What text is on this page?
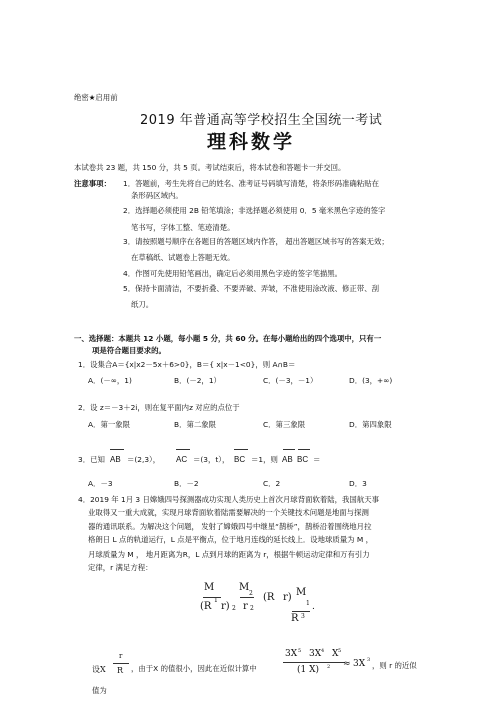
绝密★启用前
2019 年普通高等学校招生全国统一考试
理科数学
本试卷共 23 题，共 150 分，共 5 页。考试结束后，将本试卷和答题卡一并交回。
注意事项： 1．答题前，考生先将自己的姓名、准考证号码填写清楚，将条形码准确粘贴在
条形码区域内。
2．选择题必须使用 2B 铅笔填涂；非选择题必须使用 0．5 毫米黑色字迹的签字
笔书写，字体工整、笔迹清楚。
3．请按照题号顺序在各题目的答题区域内作答， 超出答题区域书写的答案无效；
在草稿纸、试题卷上答题无效。
4．作图可先使用铅笔画出，确定后必须用黑色字迹的签字笔描黑。
5．保持卡面清洁，不要折叠、不要弄破、弄皱，不准使用涂改液、修正带、刮
纸刀。
一、选择题：本题共 12 小题，每小题 5 分，共 60 分。在每小题给出的四个选项中，只有一
项是符合题目要求的。
1．设集合A＝{x|x2－5x＋6>0}，B＝{ x|x－1<0}，则 A∩B＝
A．(－∞，1)	B．(－2，1）	C．(－3，－1）	D．(3，+∞)
2．设 z＝－3＋2i，则在复平面内z 对应的点位于
A．第一象限	B．第二象限	C．第三象限	D．第四象限
3．已知 AB ＝(2,3）， AC ＝(3，t）， BC ＝1，则 AB BC ＝
A．－3	B．－2	C．2	D．3
4．2019 年 1月 3 日嫦娥四号探测器成功实现人类历史上首次月球背面软着陆，我国航天事
业取得又一重大成就，实现月球背面软着陆需要解决的一个关键技术问题是地面与探测
器的通讯联系。为解决这个问题， 发射了嫦娥四号中继星“鹊桥”，鹊桥沿着围绕地月拉
格朗日 L 点的轨道运行，L 点是平衡点，位于地月连线的延长线上．设地球质量为 M ，
月球质量为 M ， 地月距离为R，L 点到月球的距离为 r，根据牛顿运动定律和万有引力
定律，r 满足方程：
M
1
(R r) 2
M
2
r 2
(R r) M
1
R 3
.
设X
r
R ，由于X 的值很小，因此在近似计算中
3X 5 3X 4 X 5
(1 X) 2 ≈ 3X 3
，则 r 的近似
值为
